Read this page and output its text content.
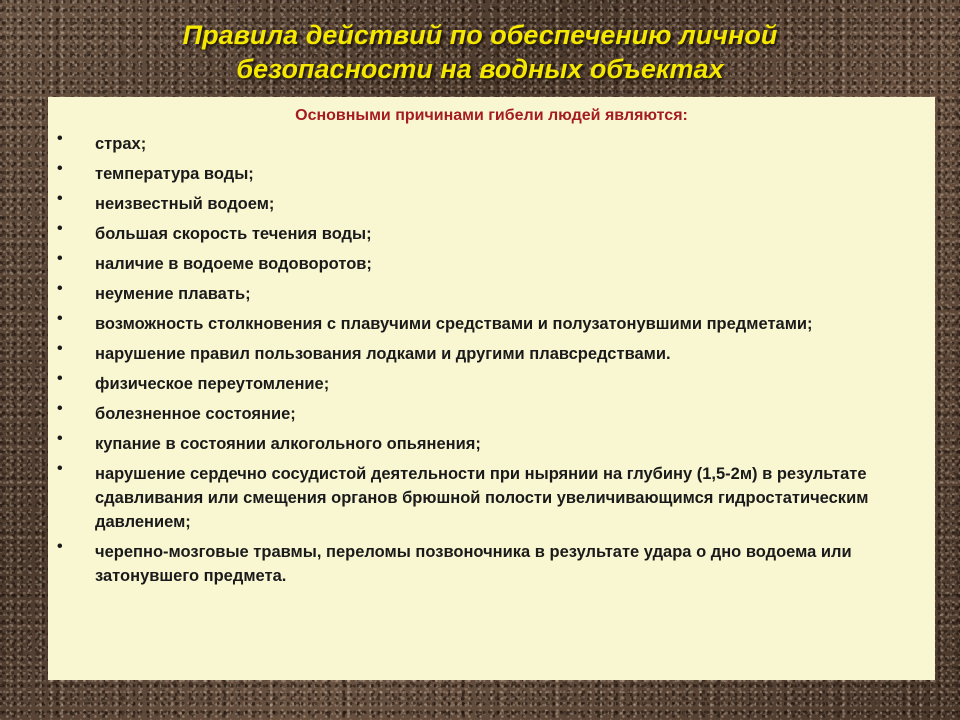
Правила действий по обеспечению личной
безопасности на водных объектах

Основными причинами гибели людей являются:

• страх;
• температура воды;
• неизвестный водоем;
• большая скорость течения воды;
• наличие в водоеме водоворотов;
• неумение плавать;
• возможность столкновения с плавучими средствами и полузатонувшими предметами;
• нарушение правил пользования лодками и другими плавсредствами.
• физическое переутомление;
• болезненное состояние;
• купание в состоянии алкогольного опьянения;
• нарушение сердечно сосудистой деятельности при нырянии на глубину (1,5-2м) в результате сдавливания или смещения органов брюшной полости увеличивающимся гидростатическим давлением;
• черепно-мозговые травмы, переломы позвоночника в результате удара о дно водоема или затонувшего предмета.
